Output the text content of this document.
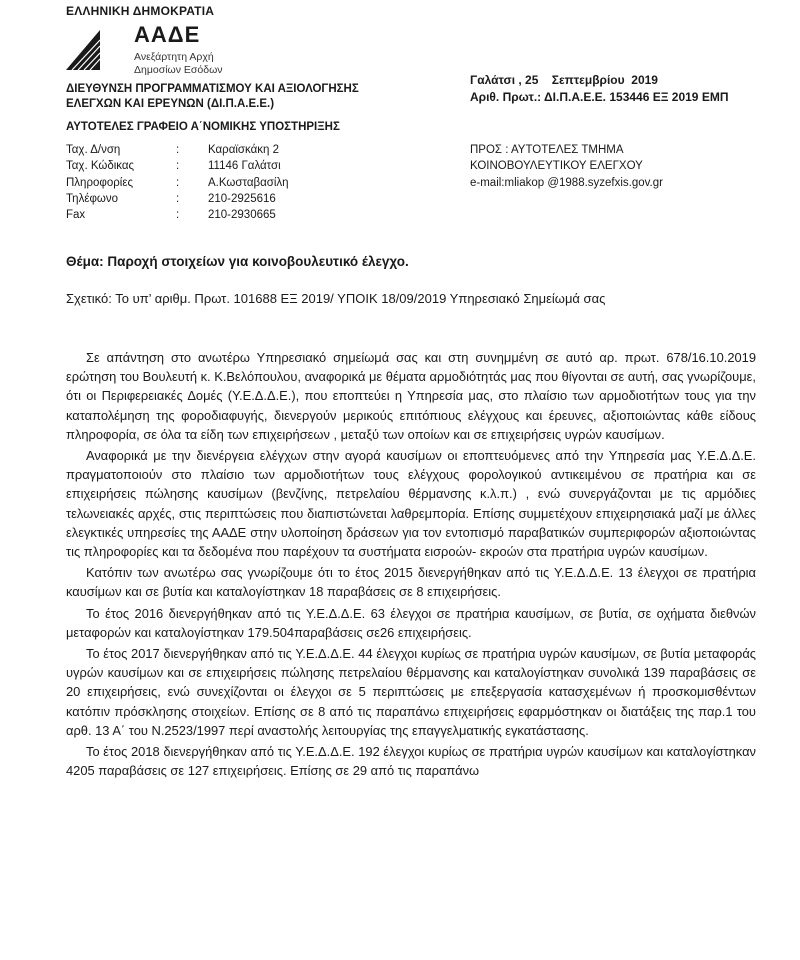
ΕΛΛΗΝΙΚΗ ΔΗΜΟΚΡΑΤΙΑ
ΑΑΔΕ
Ανεξάρτητη Αρχή
Δημοσίων Εσόδων
ΔΙΕΥΘΥΝΣΗ ΠΡΟΓΡΑΜΜΑΤΙΣΜΟΥ ΚΑΙ ΑΞΙΟΛΟΓΗΣΗΣ
ΕΛΕΓΧΩΝ ΚΑΙ ΕΡΕΥΝΩΝ (ΔΙ.Π.Α.Ε.Ε.)
ΑΥΤΟΤΕΛΕΣ ΓΡΑΦΕΙΟ Α΄ΝΟΜΙΚΗΣ ΥΠΟΣΤΗΡΙΞΗΣ
Ταχ. Δ/νση	:	Καραϊσκάκη 2
Ταχ. Κώδικας	:	11146 Γαλάτσι
Πληροφορίες	:	Α.Κωσταβασίλη
Τηλέφωνο	:	210-2925616
Fax	:	210-2930665
Γαλάτσι , 25    Σεπτεμβρίου  2019
Αριθ. Πρωτ.: ΔΙ.Π.Α.Ε.Ε. 153446 ΕΞ 2019 ΕΜΠ
ΠΡΟΣ : ΑΥΤΟΤΕΛΕΣ ΤΜΗΜΑ
ΚΟΙΝΟΒΟΥΛΕΥΤΙΚΟΥ ΕΛΕΓΧΟΥ
e-mail:mliakop @1988.syzefxis.gov.gr
Θέμα: Παροχή στοιχείων για κοινοβουλευτικό έλεγχο.
Σχετικό: Το υπ’ αριθμ. Πρωτ. 101688 ΕΞ 2019/ ΥΠΟΙΚ 18/09/2019 Υπηρεσιακό Σημείωμά σας

Σε απάντηση στο ανωτέρω Υπηρεσιακό σημείωμά σας και στη συνημμένη σε αυτό αρ. πρωτ. 678/16.10.2019 ερώτηση του Βουλευτή κ. Κ.Βελόπουλου, αναφορικά με θέματα αρμοδιότητάς μας που θίγονται σε αυτή, σας γνωρίζουμε, ότι οι Περιφερειακές Δομές (Υ.Ε.Δ.Δ.Ε.), που εποπτεύει η Υπηρεσία μας, στο πλαίσιο των αρμοδιοτήτων τους για την καταπολέμηση της φοροδιαφυγής, διενεργούν μερικούς επιτόπιους ελέγχους και έρευνες, αξιοποιώντας κάθε είδους πληροφορία, σε όλα τα είδη των επιχειρήσεων , μεταξύ των οποίων και σε επιχειρήσεις υγρών καυσίμων.

Αναφορικά με την διενέργεια ελέγχων στην αγορά καυσίμων οι εποπτευόμενες από την Υπηρεσία μας Υ.Ε.Δ.Δ.Ε. πραγματοποιούν στο πλαίσιο των αρμοδιοτήτων τους ελέγχους φορολογικού αντικειμένου σε πρατήρια και σε επιχειρήσεις πώλησης καυσίμων (βενζίνης, πετρελαίου θέρμανσης κ.λ.π.) , ενώ συνεργάζονται με τις αρμόδιες τελωνειακές αρχές, στις περιπτώσεις που διαπιστώνεται λαθρεμπορία. Επίσης συμμετέχουν επιχειρησιακά μαζί με άλλες ελεγκτικές υπηρεσίες της ΑΑΔΕ στην υλοποίηση δράσεων για τον εντοπισμό παραβατικών συμπεριφορών αξιοποιώντας τις πληροφορίες και τα δεδομένα που παρέχουν τα συστήματα εισροών- εκροών στα πρατήρια υγρών καυσίμων.

Κατόπιν των ανωτέρω σας γνωρίζουμε ότι το έτος 2015 διενεργήθηκαν από τις Υ.Ε.Δ.Δ.Ε. 13 έλεγχοι σε πρατήρια καυσίμων και σε βυτία και καταλογίστηκαν 18 παραβάσεις σε 8 επιχειρήσεις.

Το έτος 2016 διενεργήθηκαν από τις Υ.Ε.Δ.Δ.Ε. 63 έλεγχοι σε πρατήρια καυσίμων, σε βυτία, σε οχήματα διεθνών μεταφορών και καταλογίστηκαν 179.504παραβάσεις σε26 επιχειρήσεις.

Το έτος 2017 διενεργήθηκαν από τις Υ.Ε.Δ.Δ.Ε. 44 έλεγχοι κυρίως σε πρατήρια υγρών καυσίμων, σε βυτία μεταφοράς υγρών καυσίμων και σε επιχειρήσεις πώλησης πετρελαίου θέρμανσης και καταλογίστηκαν συνολικά 139 παραβάσεις σε 20 επιχειρήσεις, ενώ συνεχίζονται οι έλεγχοι σε 5 περιπτώσεις με επεξεργασία κατασχεμένων ή προσκομισθέντων κατόπιν πρόσκλησης στοιχείων. Επίσης σε 8 από τις παραπάνω επιχειρήσεις εφαρμόστηκαν οι διατάξεις της παρ.1 του αρθ. 13 Α΄ του Ν.2523/1997 περί αναστολής λειτουργίας της επαγγελματικής εγκατάστασης.

Το έτος 2018 διενεργήθηκαν από τις Υ.Ε.Δ.Δ.Ε. 192 έλεγχοι κυρίως σε πρατήρια υγρών καυσίμων και καταλογίστηκαν 4205 παραβάσεις σε 127 επιχειρήσεις. Επίσης σε 29 από τις παραπάνω
